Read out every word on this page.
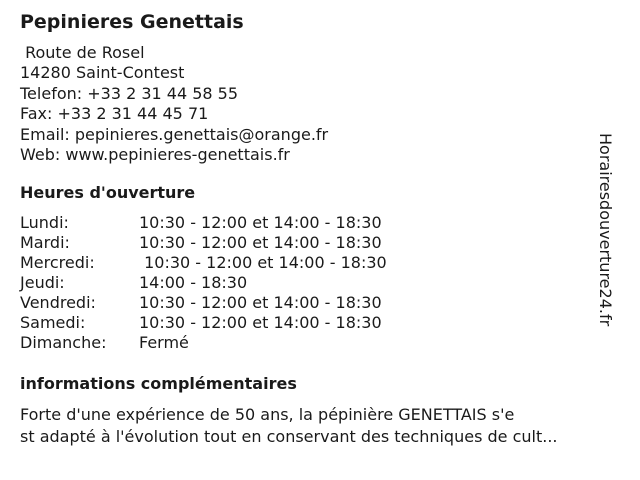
Pepinieres Genettais
Route de Rosel
14280 Saint-Contest
Telefon: +33 2 31 44 58 55
Fax: +33 2 31 44 45 71
Email: pepinieres.genettais@orange.fr
Web: www.pepinieres-genettais.fr
Heures d'ouverture
Lundi:	10:30 - 12:00 et 14:00 - 18:30
Mardi:	10:30 - 12:00 et 14:00 - 18:30
Mercredi:	10:30 - 12:00 et 14:00 - 18:30
Jeudi:	14:00 - 18:30
Vendredi:	10:30 - 12:00 et 14:00 - 18:30
Samedi:	10:30 - 12:00 et 14:00 - 18:30
Dimanche: Fermé
informations complémentaires
Forte d'une expérience de 50 ans, la pépinière GENETTAIS s'e
st adapté à l'évolution tout en conservant des techniques de cult...
Horairesdouverture24.fr
